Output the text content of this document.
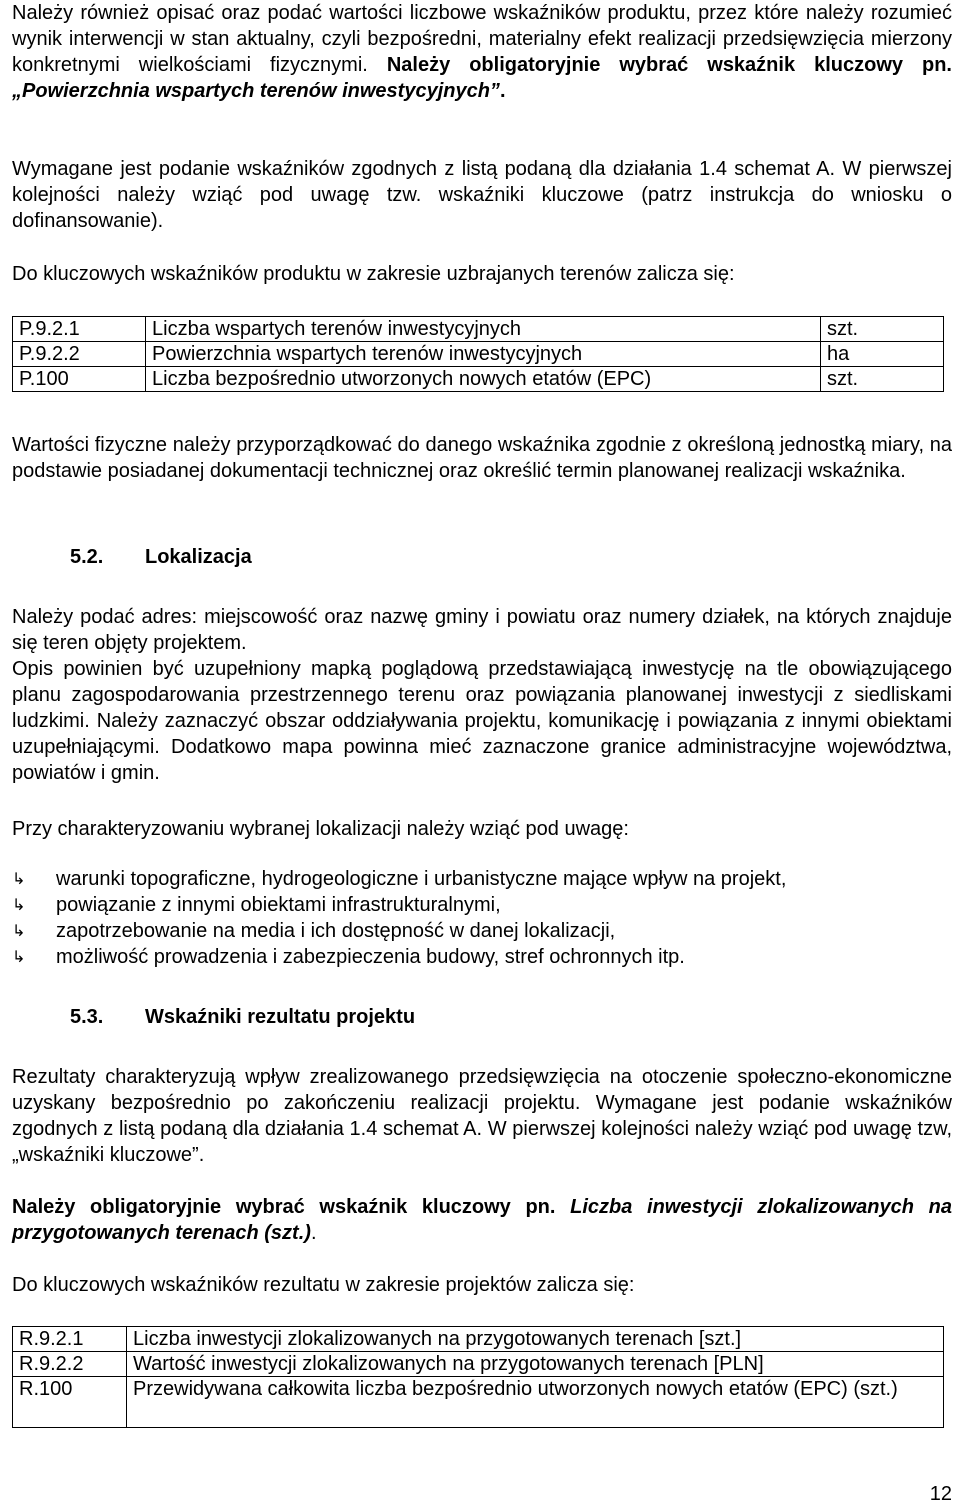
Należy również opisać oraz podać wartości liczbowe wskaźników produktu, przez które należy rozumieć wynik interwencji w stan aktualny, czyli bezpośredni, materialny efekt realizacji przedsięwzięcia mierzony konkretnymi wielkościami fizycznymi. Należy obligatoryjnie wybrać wskaźnik kluczowy pn. „Powierzchnia wspartych terenów inwestycyjnych”.

Wymagane jest podanie wskaźników zgodnych z listą podaną dla działania 1.4 schemat A. W pierwszej kolejności należy wziąć pod uwagę tzw. wskaźniki kluczowe (patrz instrukcja do wniosku o dofinansowanie).

Do kluczowych wskaźników produktu w zakresie uzbrajanych terenów zalicza się:

P.9.2.1	Liczba wspartych terenów inwestycyjnych	szt.
P.9.2.2	Powierzchnia wspartych terenów inwestycyjnych	ha
P.100	Liczba bezpośrednio utworzonych nowych etatów (EPC)	szt.

Wartości fizyczne należy przyporządkować do danego wskaźnika zgodnie z określoną jednostką miary, na podstawie posiadanej dokumentacji technicznej oraz określić termin planowanej realizacji wskaźnika.

5.2. Lokalizacja

Należy podać adres: miejscowość oraz nazwę gminy i powiatu oraz numery działek, na których znajduje się teren objęty projektem.

Opis powinien być uzupełniony mapką poglądową przedstawiającą inwestycję na tle obowiązującego planu zagospodarowania przestrzennego terenu oraz powiązania planowanej inwestycji z siedliskami ludzkimi. Należy zaznaczyć obszar oddziaływania projektu, komunikację i powiązania z innymi obiektami uzupełniającymi. Dodatkowo mapa powinna mieć zaznaczone granice administracyjne województwa, powiatów i gmin.

Przy charakteryzowaniu wybranej lokalizacji należy wziąć pod uwagę:

↳ warunki topograficzne, hydrogeologiczne i urbanistyczne mające wpływ na projekt,
↳ powiązanie z innymi obiektami infrastrukturalnymi,
↳ zapotrzebowanie na media i ich dostępność w danej lokalizacji,
↳ możliwość prowadzenia i zabezpieczenia budowy, stref ochronnych itp.
5.3. Wskaźniki rezultatu projektu

Rezultaty charakteryzują wpływ zrealizowanego przedsięwzięcia na otoczenie społeczno-ekonomiczne uzyskany bezpośrednio po zakończeniu realizacji projektu. Wymagane jest podanie wskaźników zgodnych z listą podaną dla działania 1.4 schemat A. W pierwszej kolejności należy wziąć pod uwagę tzw, „wskaźniki kluczowe”.

Należy obligatoryjnie wybrać wskaźnik kluczowy pn. Liczba inwestycji zlokalizowanych na przygotowanych terenach (szt.).

Do kluczowych wskaźników rezultatu w zakresie projektów zalicza się:

R.9.2.1	Liczba inwestycji zlokalizowanych na przygotowanych terenach [szt.]
R.9.2.2	Wartość inwestycji zlokalizowanych na przygotowanych terenach [PLN]
R.100	Przewidywana całkowita liczba bezpośrednio utworzonych nowych etatów (EPC) (szt.)
12
